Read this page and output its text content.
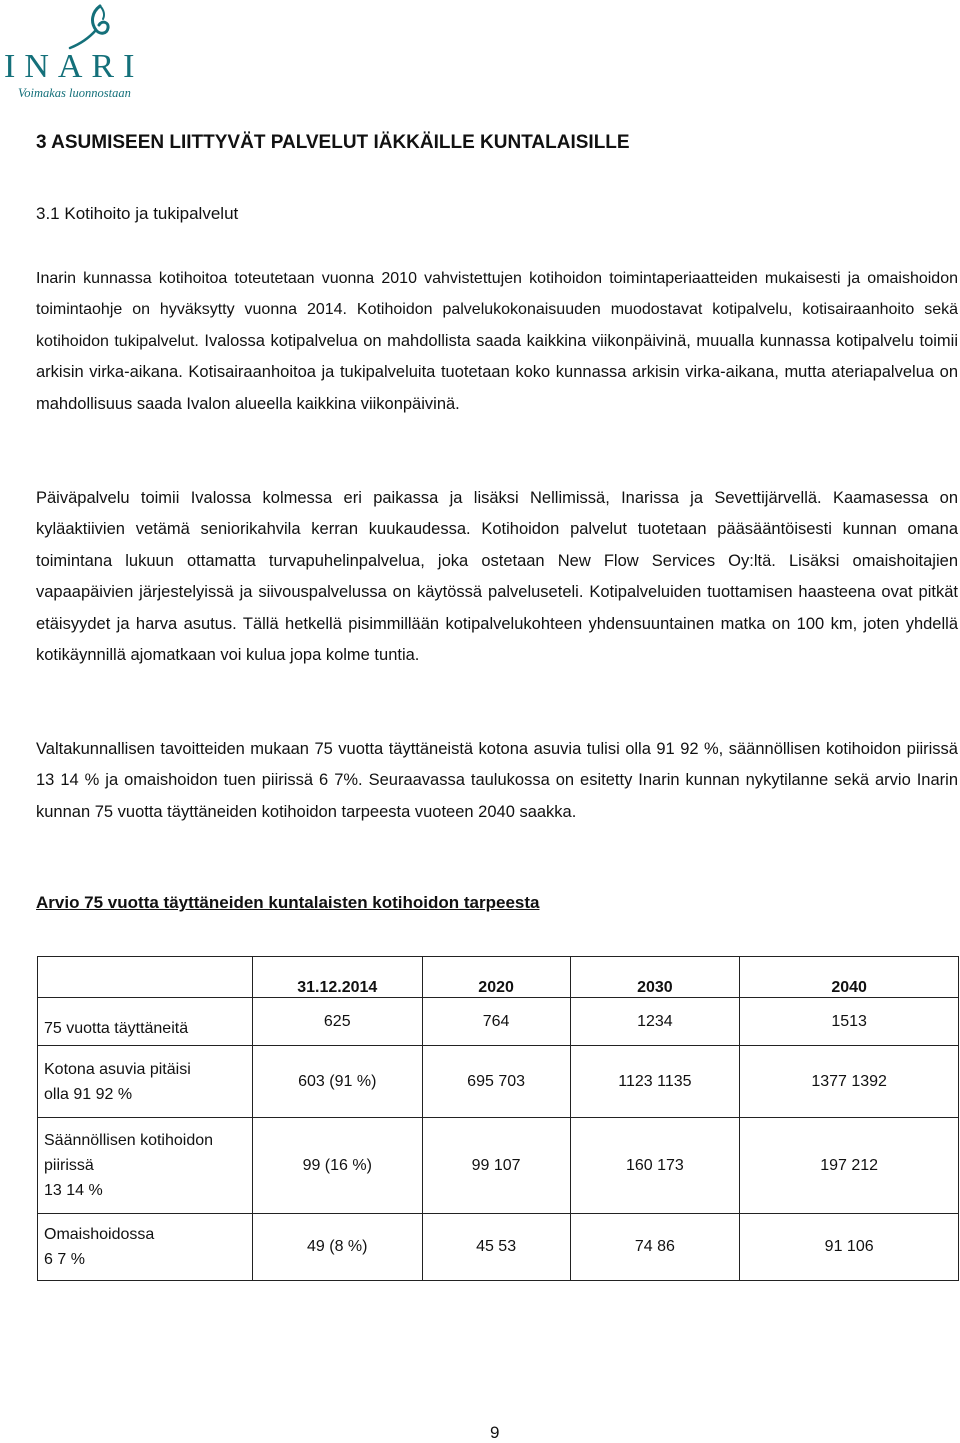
INARI
Voimakas luonnostaan
3 ASUMISEEN LIITTYVÄT PALVELUT IÄKKÄILLE KUNTALAISILLE
3.1 Kotihoito ja tukipalvelut

Inarin kunnassa kotihoitoa toteutetaan vuonna 2010 vahvistettujen kotihoidon toimintaperiaatteiden mukaisesti ja omaishoidon toimintaohje on hyväksytty vuonna 2014. Kotihoidon palvelukokonaisuuden muodostavat kotipalvelu, kotisairaanhoito sekä kotihoidon tukipalvelut. Ivalossa kotipalvelua on mahdollista saada kaikkina viikonpäivinä, muualla kunnassa kotipalvelu toimii arkisin virka-aikana. Kotisairaanhoitoa ja tukipalveluita tuotetaan koko kunnassa arkisin virka-aikana, mutta ateriapalvelua on mahdollisuus saada Ivalon alueella kaikkina viikonpäivinä.

Päiväpalvelu toimii Ivalossa kolmessa eri paikassa ja lisäksi Nellimissä, Inarissa ja Sevettijärvellä. Kaamasessa on kyläaktiivien vetämä seniorikahvila kerran kuukaudessa. Kotihoidon palvelut tuotetaan pääsääntöisesti kunnan omana toimintana lukuun ottamatta turvapuhelinpalvelua, joka ostetaan New Flow Services Oy:ltä. Lisäksi omaishoitajien vapaapäivien järjestelyissä ja siivouspalvelussa on käytössä palveluseteli. Kotipalveluiden tuottamisen haasteena ovat pitkät etäisyydet ja harva asutus. Tällä hetkellä pisimmillään kotipalvelukohteen yhdensuuntainen matka on 100 km, joten yhdellä kotikäynnillä ajomatkaan voi kulua jopa kolme tuntia.

Valtakunnallisen tavoitteiden mukaan 75 vuotta täyttäneistä kotona asuvia tulisi olla 91 92 %, säännöllisen kotihoidon piirissä 13 14 % ja omaishoidon tuen piirissä 6 7%. Seuraavassa taulukossa on esitetty Inarin kunnan nykytilanne sekä arvio Inarin kunnan 75 vuotta täyttäneiden kotihoidon tarpeesta vuoteen 2040 saakka.

Arvio 75 vuotta täyttäneiden kuntalaisten kotihoidon tarpeesta
	31.12.2014	2020	2030	2040

75 vuotta täyttäneitä	625	764	1234	1513

Kotona asuvia pitäisi
olla 91 92 %	603 (91 %)	695 703	1123 1135	1377 1392

Säännöllisen kotihoidon
piirissä
13 14 %	99 (16 %)	99 107	160 173	197 212

Omaishoidossa
6 7 %	49 (8 %)	45 53	74 86	91 106
9
